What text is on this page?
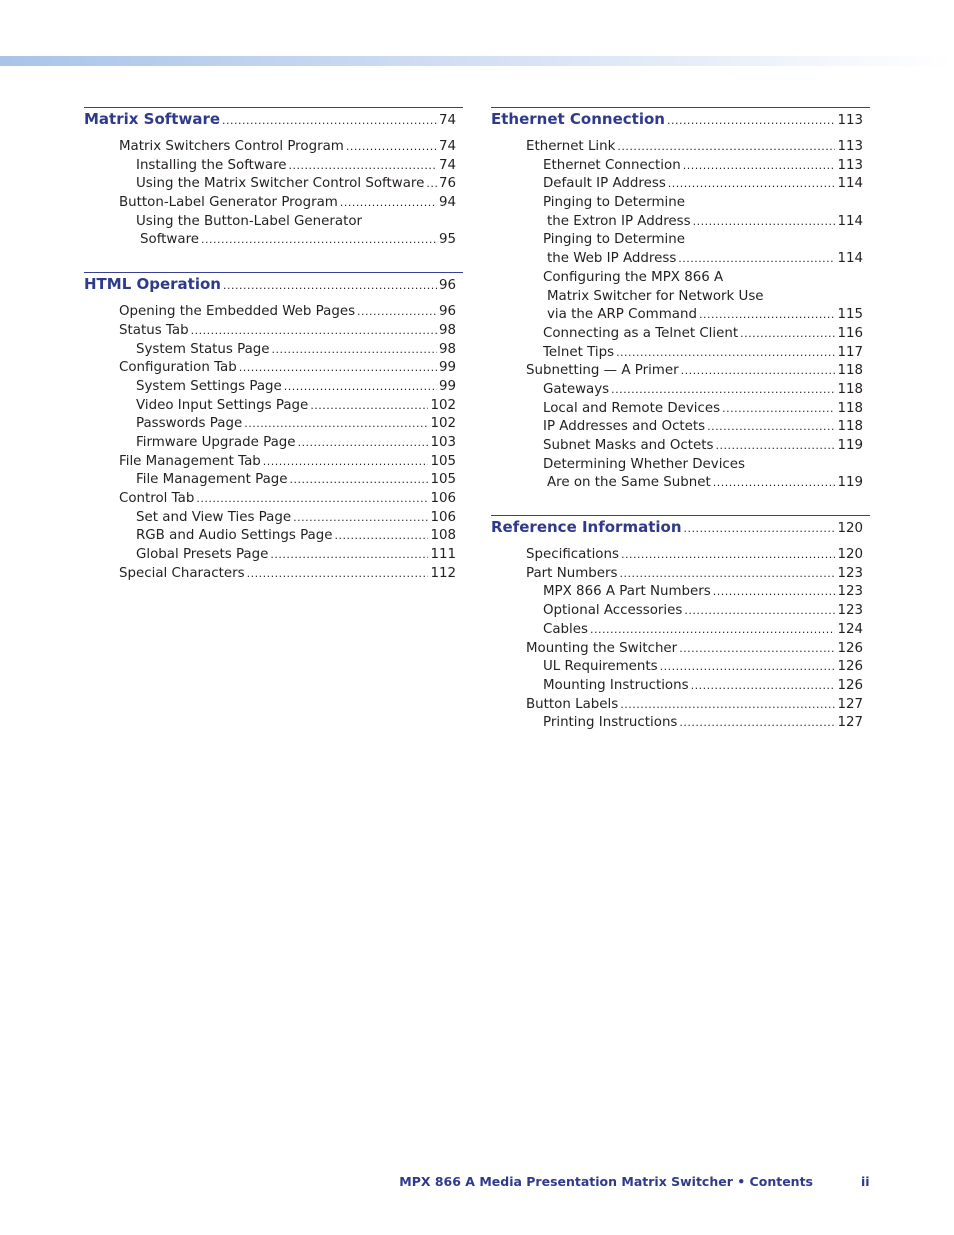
Matrix Software .....	74
Matrix Switchers Control Program .....	74
Installing the Software .....	74
Using the Matrix Switcher Control Software ..... 76
Button-Label Generator Program .....	94
Using the Button-Label Generator
Software .....	95
HTML Operation .....	96
Opening the Embedded Web Pages .....	96
Status Tab .....	98
System Status Page .....	98
Configuration Tab .....	99
System Settings Page .....	99
Video Input Settings Page .....	102
Passwords Page .....	102
Firmware Upgrade Page .....	103
File Management Tab .....	105
File Management Page .....	105
Control Tab .....	106
Set and View Ties Page .....	106
RGB and Audio Settings Page .....	108
Global Presets Page .....	111
Special Characters .....	112
Ethernet Connection .....	113
Ethernet Link .....	113
Ethernet Connection .....	113
Default IP Address .....	114
Pinging to Determine
the Extron IP Address .....	114
Pinging to Determine
the Web IP Address .....	114
Configuring the MPX 866 A
Matrix Switcher for Network Use
via the ARP Command .....	115
Connecting as a Telnet Client .....	116
Telnet Tips .....	117
Subnetting — A Primer .....	118
Gateways .....	118
Local and Remote Devices .....	118
IP Addresses and Octets .....	118
Subnet Masks and Octets .....	119
Determining Whether Devices
Are on the Same Subnet .....	119
Reference Information .....	120
Specifications .....	120
Part Numbers .....	123
MPX 866 A Part Numbers .....	123
Optional Accessories .....	123
Cables .....	124
Mounting the Switcher .....	126
UL Requirements .....	126
Mounting Instructions .....	126
Button Labels .....	127
Printing Instructions .....	127
MPX 866 A Media Presentation Matrix Switcher • Contents	ii
